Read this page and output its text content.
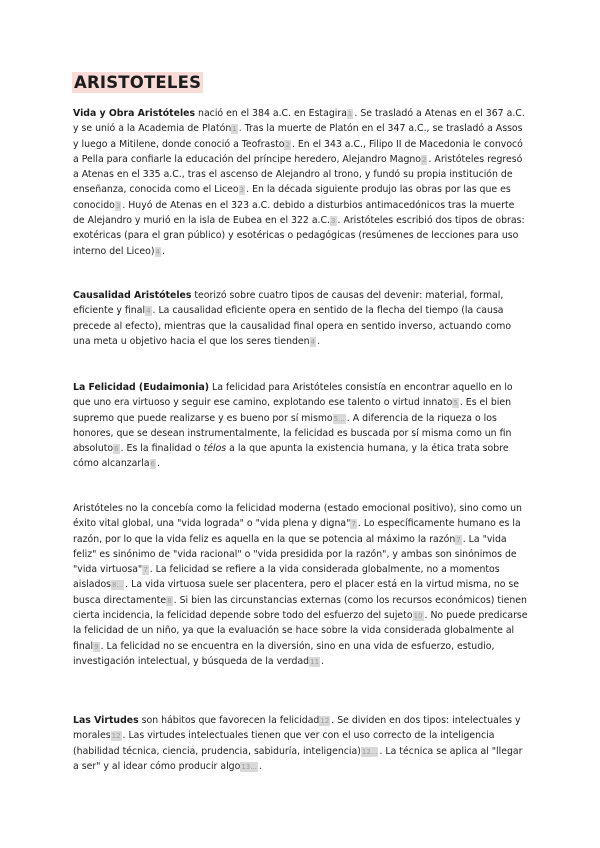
ARISTOTELES
Vida y Obra Aristóteles nació en el 384 a.C. en Estagira1 . Se trasladó a Atenas en el 367 a.C. y se unió a la Academia de Platón1 . Tras la muerte de Platón en el 347 a.C., se trasladó a Assos y luego a Mitilene, donde conoció a Teofrasto2 . En el 343 a.C., Filipo II de Macedonia le convocó a Pella para confiarle la educación del príncipe heredero, Alejandro Magno2 . Aristóteles regresó a Atenas en el 335 a.C., tras el ascenso de Alejandro al trono, y fundó su propia institución de enseñanza, conocida como el Liceo3 . En la década siguiente produjo las obras por las que es conocido3 . Huyó de Atenas en el 323 a.C. debido a disturbios antimacedónicos tras la muerte de Alejandro y murió en la isla de Eubea en el 322 a.C.3 . Aristóteles escribió dos tipos de obras: exotéricas (para el gran público) y esotéricas o pedagógicas (resúmenes de lecciones para uso interno del Liceo)4 .
Causalidad Aristóteles teorizó sobre cuatro tipos de causas del devenir: material, formal, eficiente y final4 . La causalidad eficiente opera en sentido de la flecha del tiempo (la causa precede al efecto), mientras que la causalidad final opera en sentido inverso, actuando como una meta u objetivo hacia el que los seres tienden4 .
La Felicidad (Eudaimonia) La felicidad para Aristóteles consistía en encontrar aquello en lo que uno era virtuoso y seguir ese camino, explotando ese talento o virtud innato5 . Es el bien supremo que puede realizarse y es bueno por sí mismo5... . A diferencia de la riqueza o los honores, que se desean instrumentalmente, la felicidad es buscada por sí misma como un fin absoluto6 . Es la finalidad o télos a la que apunta la existencia humana, y la ética trata sobre cómo alcanzarla6 .
Aristóteles no la concebía como la felicidad moderna (estado emocional positivo), sino como un éxito vital global, una "vida lograda" o "vida plena y digna"7 . Lo específicamente humano es la razón, por lo que la vida feliz es aquella en la que se potencia al máximo la razón7 . La "vida feliz" es sinónimo de "vida racional" o "vida presidida por la razón", y ambas son sinónimos de "vida virtuosa"7 . La felicidad se refiere a la vida considerada globalmente, no a momentos aislados8... . La vida virtuosa suele ser placentera, pero el placer está en la virtud misma, no se busca directamente8 . Si bien las circunstancias externas (como los recursos económicos) tienen cierta incidencia, la felicidad depende sobre todo del esfuerzo del sujeto10 . No puede predicarse la felicidad de un niño, ya que la evaluación se hace sobre la vida considerada globalmente al final9 . La felicidad no se encuentra en la diversión, sino en una vida de esfuerzo, estudio, investigación intelectual, y búsqueda de la verdad11 .
Las Virtudes son hábitos que favorecen la felicidad12 . Se dividen en dos tipos: intelectuales y morales12 . Las virtudes intelectuales tienen que ver con el uso correcto de la inteligencia (habilidad técnica, ciencia, prudencia, sabiduría, inteligencia)12... . La técnica se aplica al "llegar a ser" y al idear cómo producir algo13... .
